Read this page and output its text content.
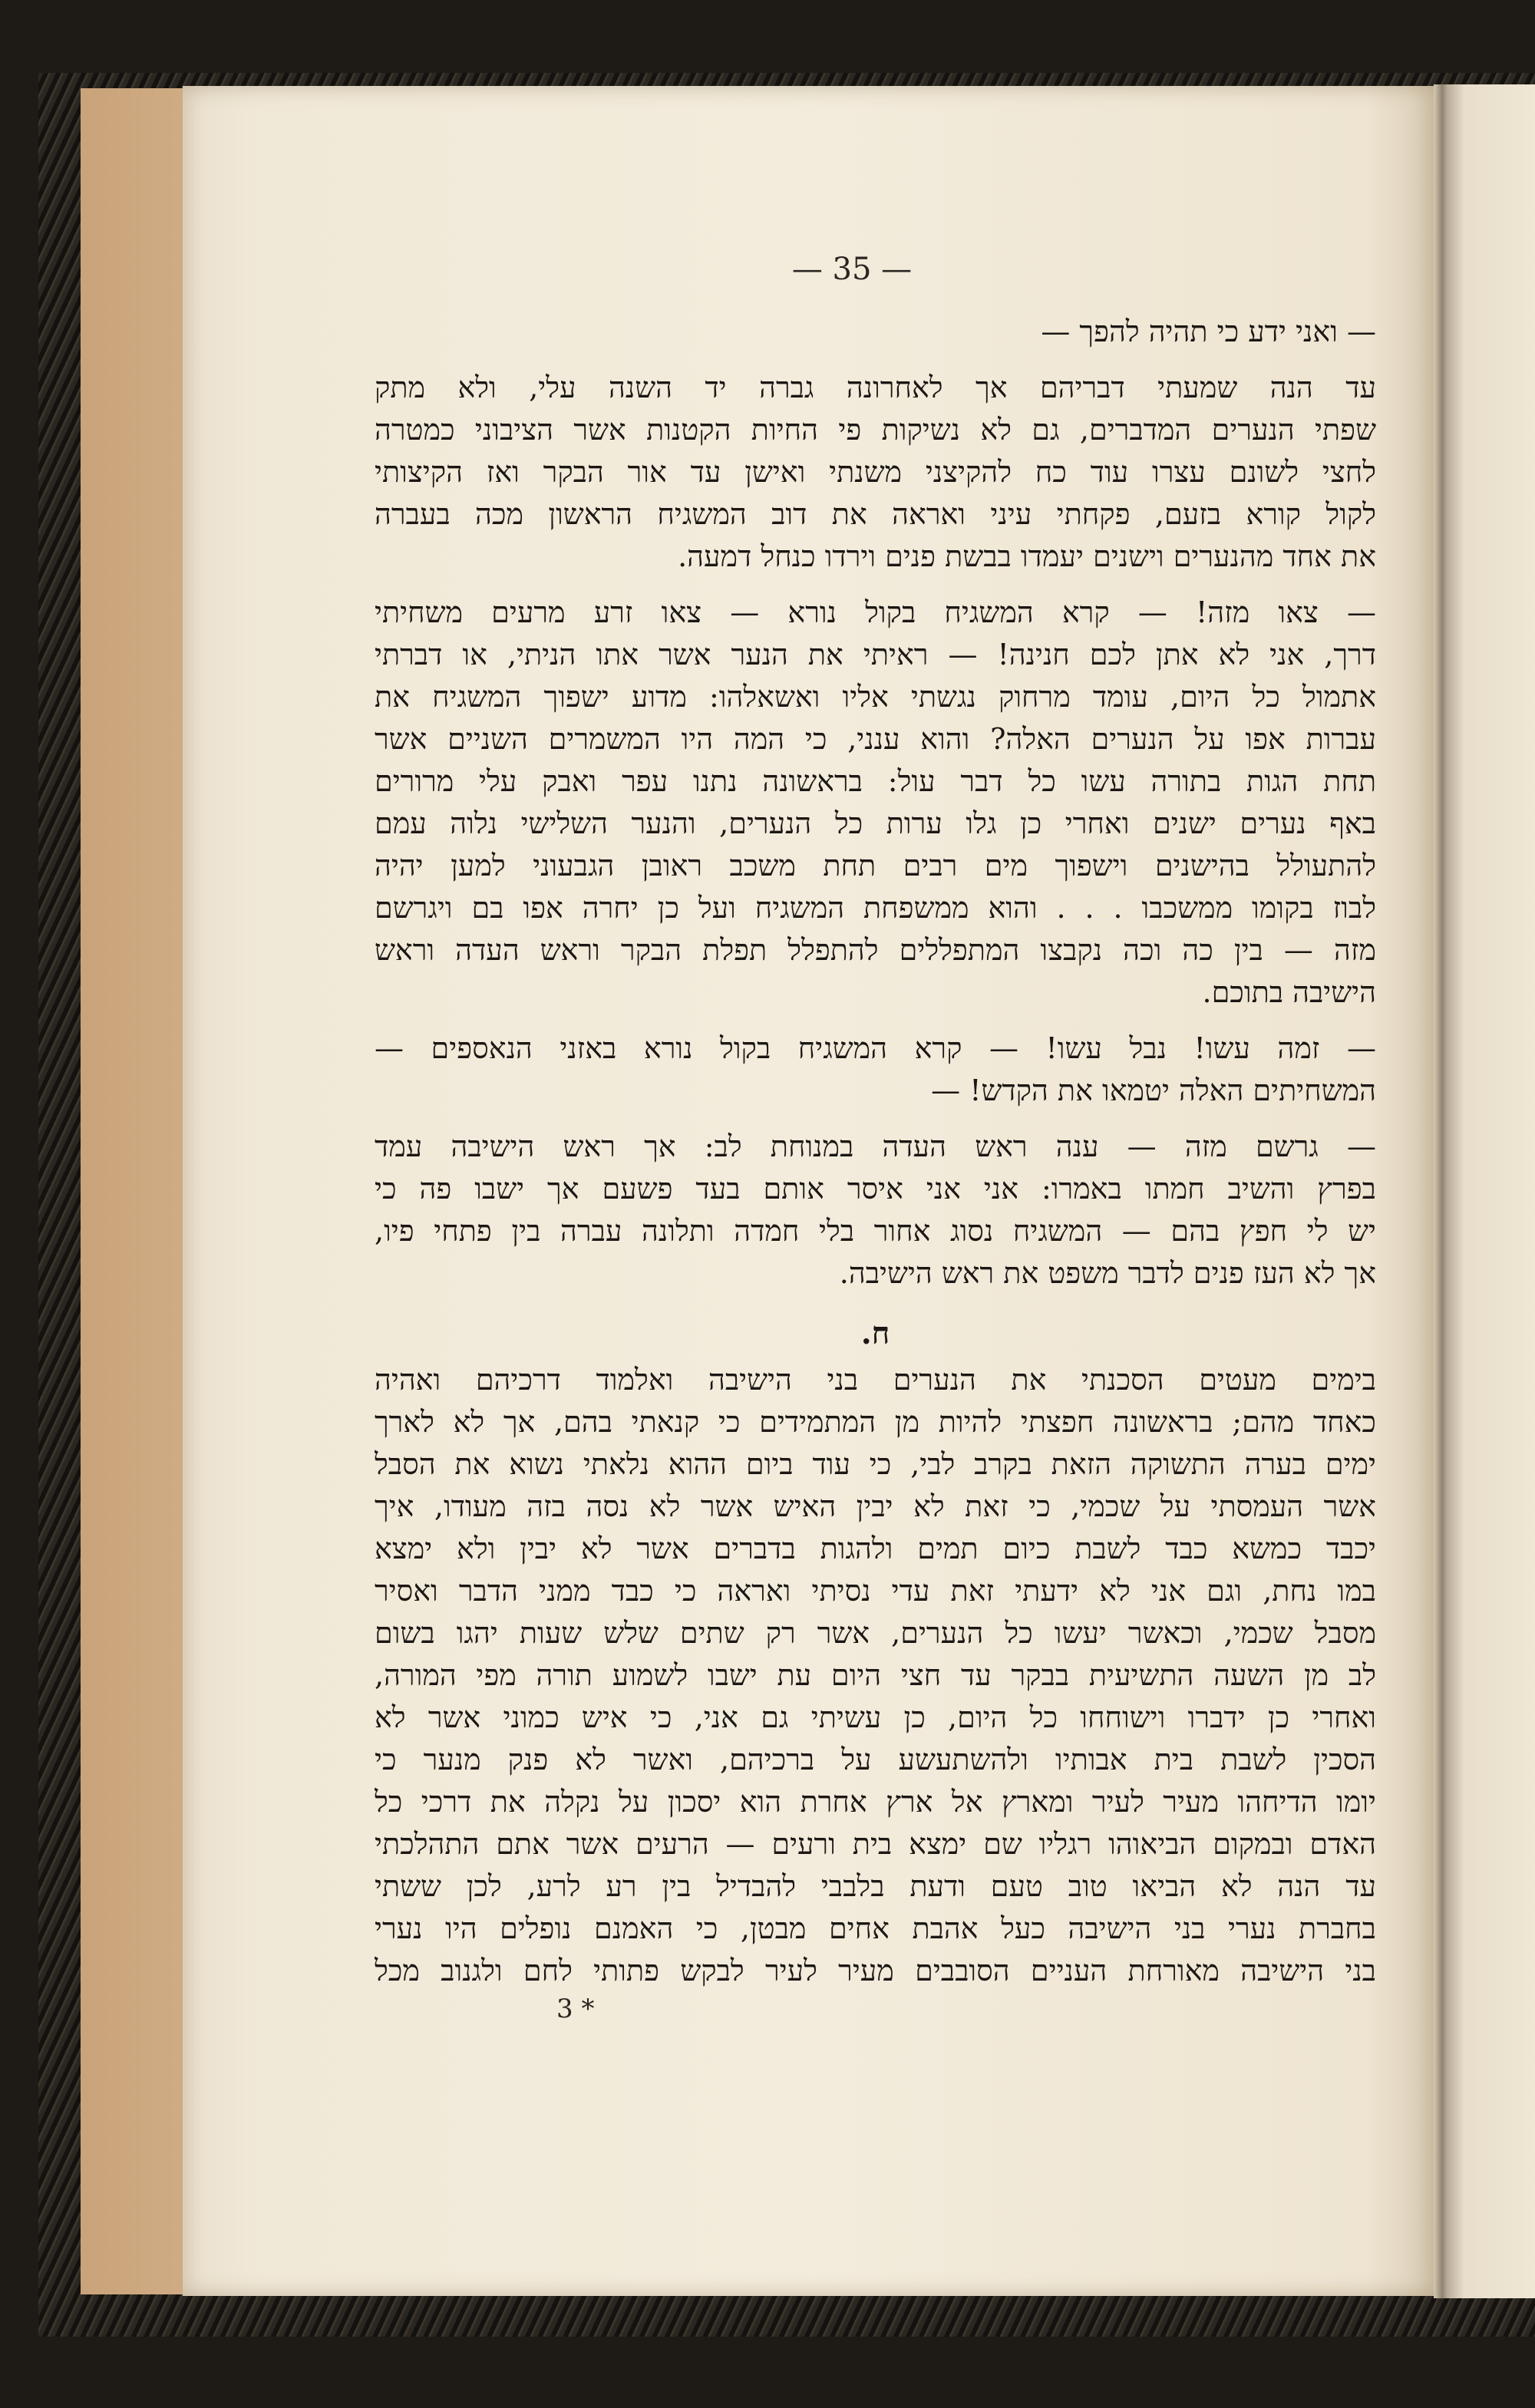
— 35 —
— ואני ידע כי תהיה להפך —
עד הנה שמעתי דבריהם אך לאחרונה גברה יד השנה עלי, ולא מתק
שפתי הנערים המדברים, גם לא נשיקות פי החיות הקטנות אשר הציבוני כמטרה
לחצי לשונם עצרו עוד כח להקיצני משנתי ואישן עד אור הבקר ואז הקיצותי
לקול קורא בזעם, פקחתי עיני ואראה את דוב המשגיח הראשון מכה בעברה
את אחד מהנערים וישנים יעמדו בבשת פנים וירדו כנחל דמעה.
— צאו מזה! — קרא המשגיח בקול נורא — צאו זרע מרעים משחיתי
דרך, אני לא אתן לכם חנינה! — ראיתי את הנער אשר אתו הניתי, או דברתי
אתמול כל היום, עומד מרחוק נגשתי אליו ואשאלהו: מדוע ישפוך המשגיח את
עברות אפו על הנערים האלה? והוא ענני, כי המה היו המשמרים השניים אשר
תחת הגות בתורה עשו כל דבר עול: בראשונה נתנו עפר ואבק עלי מרורים
באף נערים ישנים ואחרי כן גלו ערות כל הנערים, והנער השלישי נלוה עמם
להתעולל בהישנים וישפוך מים רבים תחת משכב ראובן הגבעוני למען יהיה
לבוז בקומו ממשכבו . . . והוא ממשפחת המשגיח ועל כן יחרה אפו בם ויגרשם
מזה — בין כה וכה נקבצו המתפללים להתפלל תפלת הבקר וראש העדה וראש
הישיבה בתוכם.
— זמה עשו! נבל עשו! — קרא המשגיח בקול נורא באזני הנאספים —
המשחיתים האלה יטמאו את הקדש! —
— גרשם מזה — ענה ראש העדה במנוחת לב: אך ראש הישיבה עמד
בפרץ והשיב חמתו באמרו: אני אני איסר אותם בעד פשעם אך ישבו פה כי
יש לי חפץ בהם — המשגיח נסוג אחור בלי חמדה ותלונה עברה בין פתחי פיו,
אך לא העז פנים לדבר משפט את ראש הישיבה.
ח.
בימים מעטים הסכנתי את הנערים בני הישיבה ואלמוד דרכיהם ואהיה
כאחד מהם; בראשונה חפצתי להיות מן המתמידים כי קנאתי בהם, אך לא לארך
ימים בערה התשוקה הזאת בקרב לבי, כי עוד ביום ההוא נלאתי נשוא את הסבל
אשר העמסתי על שכמי, כי זאת לא יבין האיש אשר לא נסה בזה מעודו, איך
יכבד כמשא כבד לשבת כיום תמים ולהגות בדברים אשר לא יבין ולא ימצא
במו נחת, וגם אני לא ידעתי זאת עדי נסיתי ואראה כי כבד ממני הדבר ואסיר
מסבל שכמי, וכאשר יעשו כל הנערים, אשר רק שתים שלש שעות יהגו בשום
לב מן השעה התשיעית בבקר עד חצי היום עת ישבו לשמוע תורה מפי המורה,
ואחרי כן ידברו וישוחחו כל היום, כן עשיתי גם אני, כי איש כמוני אשר לא
הסכין לשבת בית אבותיו ולהשתעשע על ברכיהם, ואשר לא פנק מנער כי
יומו הדיחהו מעיר לעיר ומארץ אל ארץ אחרת הוא יסכון על נקלה את דרכי כל
האדם ובמקום הביאוהו רגליו שם ימצא בית ורעים — הרעים אשר אתם התהלכתי
עד הנה לא הביאו טוב טעם ודעת בלבבי להבדיל בין רע לרע, לכן ששתי
בחברת נערי בני הישיבה כעל אהבת אחים מבטן, כי האמנם נופלים היו נערי
בני הישיבה מאורחת העניים הסובבים מעיר לעיר לבקש פתותי לחם ולגנוב מכל
3 *
